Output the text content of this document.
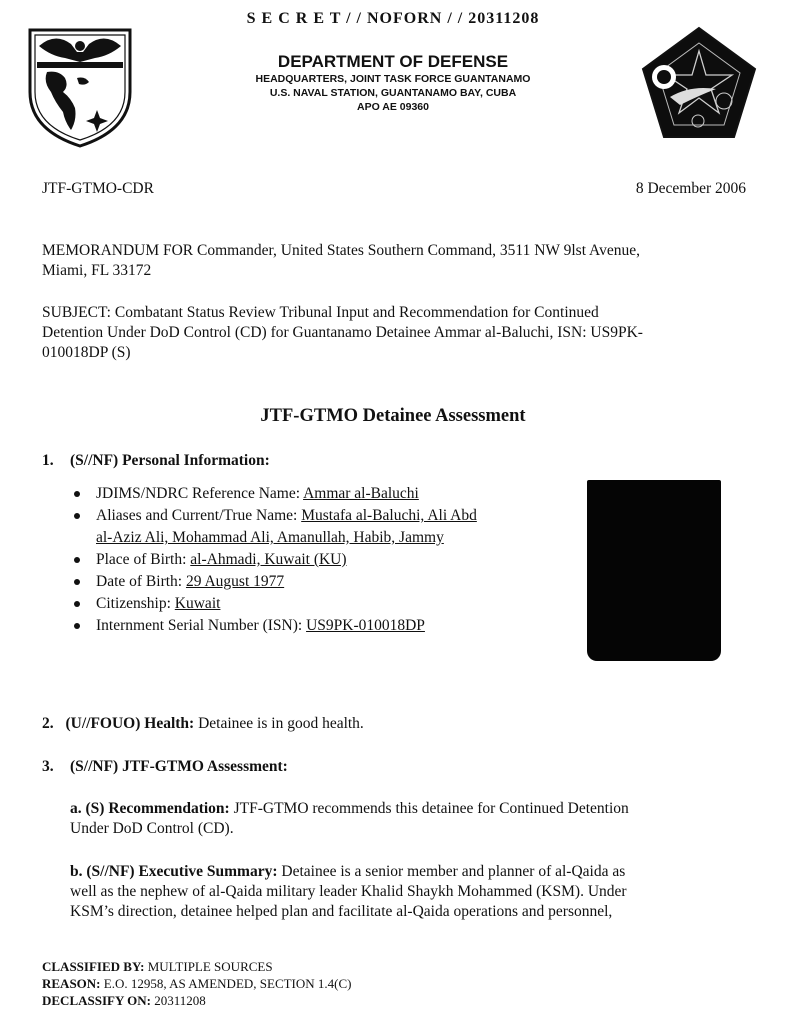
S E C R E T / / NOFORN / / 20311208
DEPARTMENT OF DEFENSE
HEADQUARTERS, JOINT TASK FORCE GUANTANAMO
U.S. NAVAL STATION, GUANTANAMO BAY, CUBA
APO AE 09360
JTF-GTMO-CDR	8 December 2006
MEMORANDUM FOR Commander, United States Southern Command, 3511 NW 9lst Avenue,
Miami, FL 33172
SUBJECT: Combatant Status Review Tribunal Input and Recommendation for Continued
Detention Under DoD Control (CD) for Guantanamo Detainee Ammar al-Baluchi, ISN: US9PK-
010018DP (S)
JTF-GTMO Detainee Assessment
1. (S//NF) Personal Information:
JDIMS/NDRC Reference Name: Ammar al-Baluchi
Aliases and Current/True Name: Mustafa al-Baluchi, Ali Abd
al-Aziz Ali, Mohammad Ali, Amanullah, Habib, Jammy
Place of Birth: al-Ahmadi, Kuwait (KU)
Date of Birth: 29 August 1977
Citizenship: Kuwait
Internment Serial Number (ISN): US9PK-010018DP
2. (U//FOUO) Health: Detainee is in good health.
3. (S//NF) JTF-GTMO Assessment:
a. (S) Recommendation: JTF-GTMO recommends this detainee for Continued Detention
Under DoD Control (CD).
b. (S//NF) Executive Summary: Detainee is a senior member and planner of al-Qaida as
well as the nephew of al-Qaida military leader Khalid Shaykh Mohammed (KSM). Under
KSM’s direction, detainee helped plan and facilitate al-Qaida operations and personnel,
CLASSIFIED BY: MULTIPLE SOURCES
REASON: E.O. 12958, AS AMENDED, SECTION 1.4(C)
DECLASSIFY ON: 20311208
